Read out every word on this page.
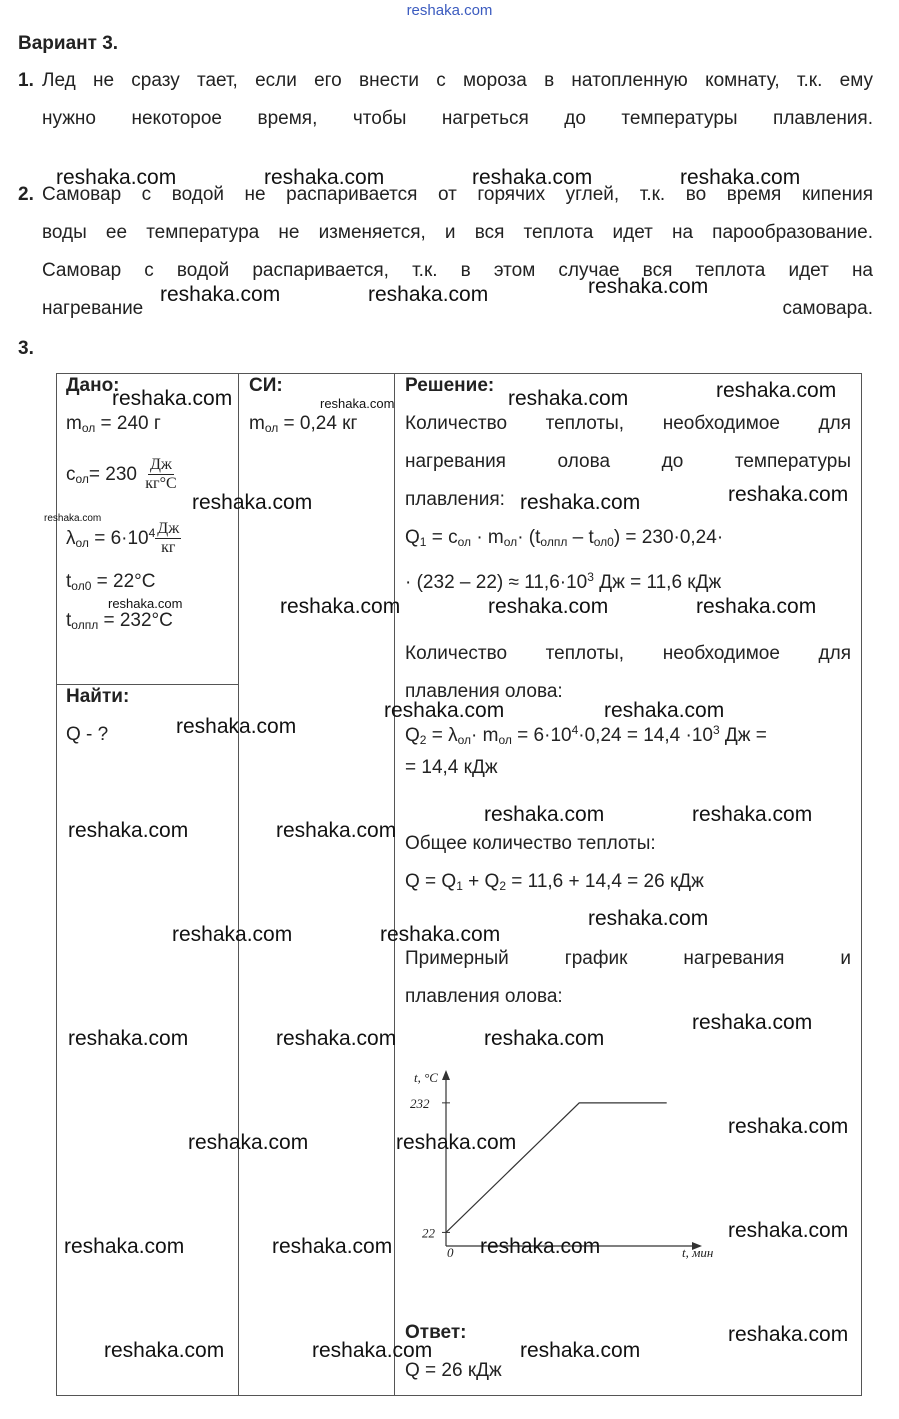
reshaka.com
Вариант 3.
1. Лед не сразу тает, если его внести с мороза в натопленную комнату, т.к. ему
нужно некоторое время, чтобы нагреться до температуры плавления.
2. Самовар с водой не распаривается от горячих углей, т.к. во время кипения
воды ее температура не изменяется, и вся теплота идет на парообразование.
Самовар с водой распаривается, т.к. в этом случае вся теплота идет на
нагревание	самовара.
3.
Дано:
$m_{ол} = 240$ г
$c_{ол}= 230 \frac{Дж}{кг^\circ C}$
$\lambda_{ол} = 6\cdot 10^4 \frac{Дж}{кг}$
$t_{ол0} = 22^\circ C$
$t_{олпл} = 232^\circ C$
Найти:
Q - ?
СИ:
$m_{ол} = 0,24$ кг
Решение:
Количество теплоты, необходимое для
нагревания олова до температуры
плавления:
$Q_1 = c_{ол} \cdot m_{ол}\cdot (t_{олпл} - t_{ол0}) = 230\cdot 0,24\cdot$
· $(232 - 22) \approx 11,6\cdot 10^3$ Дж = 11,6 кДж
Количество теплоты, необходимое для
плавления олова:
$Q_2 = \lambda_{ол}\cdot m_{ол} = 6\cdot 10^4\cdot 0,24 = 14,4 \cdot 10^3$ Дж =
= 14,4 кДж
Общее количество теплоты:
$Q = Q_1 + Q_2 = 11,6 + 14,4 = 26$ кДж
Примерный график нагревания и
плавления олова:
t, °C
t, мин
0
232
22
Ответ:
Q = 26 кДж
reshaka.com	reshaka.com	reshaka.com	reshaka.com
reshaka.com	reshaka.com	reshaka.com
reshaka.com	reshaka.com	reshaka.com	reshaka.com
reshaka.com
reshaka.com
reshaka.com	reshaka.com
reshaka.com	reshaka.com	reshaka.com	reshaka.com
reshaka.com
reshaka.com	reshaka.com
reshaka.com	reshaka.com
reshaka.com	reshaka.com
reshaka.com
reshaka.com	reshaka.com
reshaka.com
reshaka.com	reshaka.com	reshaka.com
reshaka.com
reshaka.com	reshaka.com
reshaka.com
reshaka.com	reshaka.com	reshaka.com
reshaka.com
reshaka.com	reshaka.com	reshaka.com
